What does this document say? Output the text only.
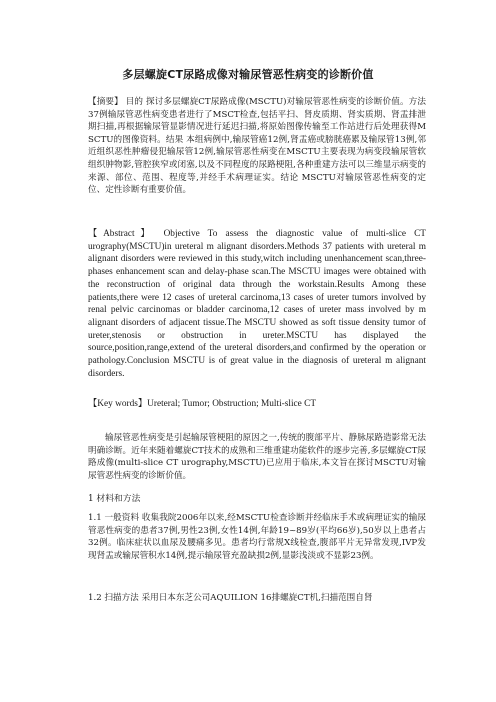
多层螺旋CT尿路成像对输尿管恶性病变的诊断价值
【摘要】 目的 探讨多层螺旋CT尿路成像(MSCTU)对输尿管恶性病变的诊断价值。方法 37例输尿管恶性病变患者进行了MSCT检查,包括平扫、肾皮质期、肾实质期、肾盂排泄期扫描,再根据输尿管显影情况进行延迟扫描,将原始图像传输至工作站进行后处理获得MSCTU的图像资料。结果 本组病例中,输尿管癌12例,肾盂癌或膀胱癌累及输尿管13例,邻近组织恶性肿瘤侵犯输尿管12例,输尿管恶性病变在MSCTU主要表现为病变段输尿管软组织肿物影,管腔狭窄或闭塞,以及不同程度的尿路梗阻,各种重建方法可以三维显示病变的来源、部位、范围、程度等,并经手术病理证实。结论 MSCTU对输尿管恶性病变的定位、定性诊断有重要价值。
【Abstract】 Objective To assess the diagnostic value of multi-slice CT urography(MSCTU)in ureteral m alignant disorders.Methods 37 patients with ureteral m alignant disorders were reviewed in this study,witch including unenhancement scan,three-phases enhancement scan and delay-phase scan.The MSCTU images were obtained with the reconstruction of original data through the workstain.Results Among these patients,there were 12 cases of ureteral carcinoma,13 cases of ureter tumors involved by renal pelvic carcinomas or bladder carcinoma,12 cases of ureter mass involved by m alignant disorders of adjacent tissue.The MSCTU showed as soft tissue density tumor of ureter,stenosis or obstruction in ureter.MSCTU has displayed the source,position,range,extend of the ureteral disorders,and confirmed by the operation or pathology.Conclusion MSCTU is of great value in the diagnosis of ureteral m alignant disorders.
【Key words】Ureteral; Tumor; Obstruction; Multi-slice CT
输尿管恶性病变是引起输尿管梗阻的原因之一,传统的腹部平片、静脉尿路造影常无法明确诊断。近年来随着螺旋CT技术的成熟和三维重建功能软件的逐步完善,多层螺旋CT尿路成像(multi-slice CT urography,MSCTU)已应用于临床,本文旨在探讨MSCTU对输尿管恶性病变的诊断价值。
1 材料和方法
1.1 一般资料 收集我院2006年以来,经MSCTU检查诊断并经临床手术或病理证实的输尿管恶性病变的患者37例,男性23例,女性14例,年龄19~89岁(平均66岁),50岁以上患者占32例。临床症状以血尿及腰痛多见。患者均行常规X线检查,腹部平片无异常发现,IVP发现肾盂或输尿管积水14例,提示输尿管充盈缺损2例,显影浅淡或不显影23例。
1.2 扫描方法 采用日本东芝公司AQUILION 16排螺旋CT机,扫描范围自肾
